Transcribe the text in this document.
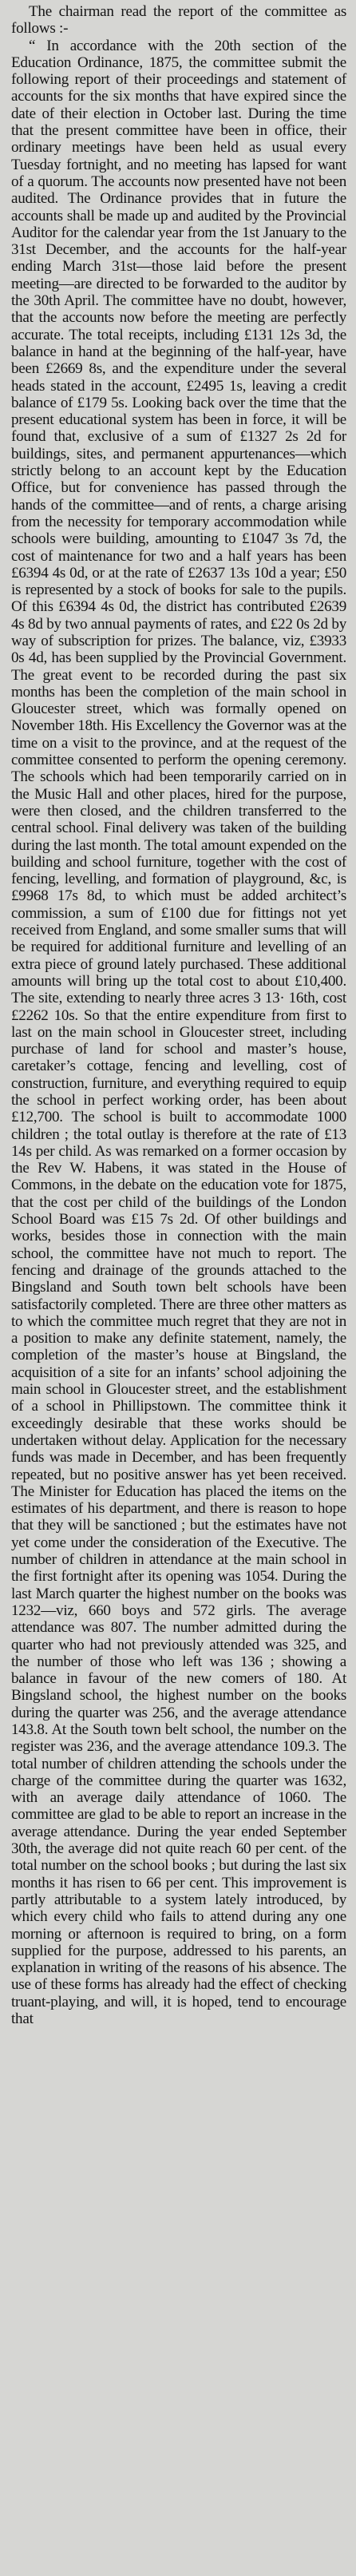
The chairman read the report of the committee as follows :-

“ In accordance with the 20th section of the Education Ordinance, 1875, the committee submit the following report of their proceedings and statement of accounts for the six months that have expired since the date of their election in October last. During the time that the present committee have been in office, their ordinary meetings have been held as usual every Tuesday fortnight, and no meeting has lapsed for want of a quorum. The accounts now presented have not been audited. The Ordinance provides that in future the accounts shall be made up and audited by the Provincial Auditor for the calendar year from the 1st January to the 31st December, and the accounts for the half-year ending March 31st—those laid before the present meeting—are directed to be forwarded to the auditor by the 30th April. The committee have no doubt, however, that the accounts now before the meeting are perfectly accurate. The total receipts, including £131 12s 3d, the balance in hand at the beginning of the half-year, have been £2669 8s, and the expenditure under the several heads stated in the account, £2495 1s, leaving a credit balance of £179 5s. Looking back over the time that the present educational system has been in force, it will be found that, exclusive of a sum of £1327 2s 2d for buildings, sites, and permanent appurtenances—which strictly belong to an account kept by the Education Office, but for convenience has passed through the hands of the committee—and of rents, a charge arising from the necessity for temporary accommodation while schools were building, amounting to £1047 3s 7d, the cost of maintenance for two and a half years has been £6394 4s 0d, or at the rate of £2637 13s 10d a year; £50 is represented by a stock of books for sale to the pupils. Of this £6394 4s 0d, the district has contributed £2639 4s 8d by two annual payments of rates, and £22 0s 2d by way of subscription for prizes. The balance, viz, £3933 0s 4d, has been supplied by the Provincial Government. The great event to be recorded during the past six months has been the completion of the main school in Gloucester street, which was formally opened on November 18th. His Excellency the Governor was at the time on a visit to the province, and at the request of the committee consented to perform the opening ceremony. The schools which had been temporarily carried on in the Music Hall and other places, hired for the purpose, were then closed, and the children transferred to the central school. Final delivery was taken of the building during the last month. The total amount expended on the building and school furniture, together with the cost of fencing, levelling, and formation of playground, &c, is £9968 17s 8d, to which must be added architect’s commission, a sum of £100 due for fittings not yet received from England, and some smaller sums that will be required for additional furniture and levelling of an extra piece of ground lately purchased. These additional amounts will bring up the total cost to about £10,400. The site, extending to nearly three acres 3 13· 16th, cost £2262 10s. So that the entire expenditure from first to last on the main school in Gloucester street, including purchase of land for school and master’s house, caretaker’s cottage, fencing and levelling, cost of construction, furniture, and everything required to equip the school in perfect working order, has been about £12,700. The school is built to accommodate 1000 children ; the total outlay is therefore at the rate of £13 14s per child. As was remarked on a former occasion by the Rev W. Habens, it was stated in the House of Commons, in the debate on the education vote for 1875, that the cost per child of the buildings of the London School Board was £15 7s 2d. Of other buildings and works, besides those in connection with the main school, the committee have not much to report. The fencing and drainage of the grounds attached to the Bingsland and South town belt schools have been satisfactorily completed. There are three other matters as to which the committee much regret that they are not in a position to make any definite statement, namely, the completion of the master’s house at Bingsland, the acquisition of a site for an infants’ school adjoining the main school in Gloucester street, and the establishment of a school in Phillipstown. The committee think it exceedingly desirable that these works should be undertaken without delay. Application for the necessary funds was made in December, and has been frequently repeated, but no positive answer has yet been received. The Minister for Education has placed the items on the estimates of his department, and there is reason to hope that they will be sanctioned ; but the estimates have not yet come under the consideration of the Executive. The number of children in attendance at the main school in the first fortnight after its opening was 1054. During the last March quarter the highest number on the books was 1232—viz, 660 boys and 572 girls. The average attendance was 807. The number admitted during the quarter who had not previously attended was 325, and the number of those who left was 136 ; showing a balance in favour of the new comers of 180. At Bingsland school, the highest number on the books during the quarter was 256, and the average attendance 143.8. At the South town belt school, the number on the register was 236, and the average attendance 109.3. The total number of children attending the schools under the charge of the committee during the quarter was 1632, with an average daily attendance of 1060. The committee are glad to be able to report an increase in the average attendance. During the year ended September 30th, the average did not quite reach 60 per cent. of the total number on the school books ; but during the last six months it has risen to 66 per cent. This improvement is partly attributable to a system lately introduced, by which every child who fails to attend during any one morning or afternoon is required to bring, on a form supplied for the purpose, addressed to his parents, an explanation in writing of the reasons of his absence. The use of these forms has already had the effect of checking truant-playing, and will, it is hoped, tend to encourage that
